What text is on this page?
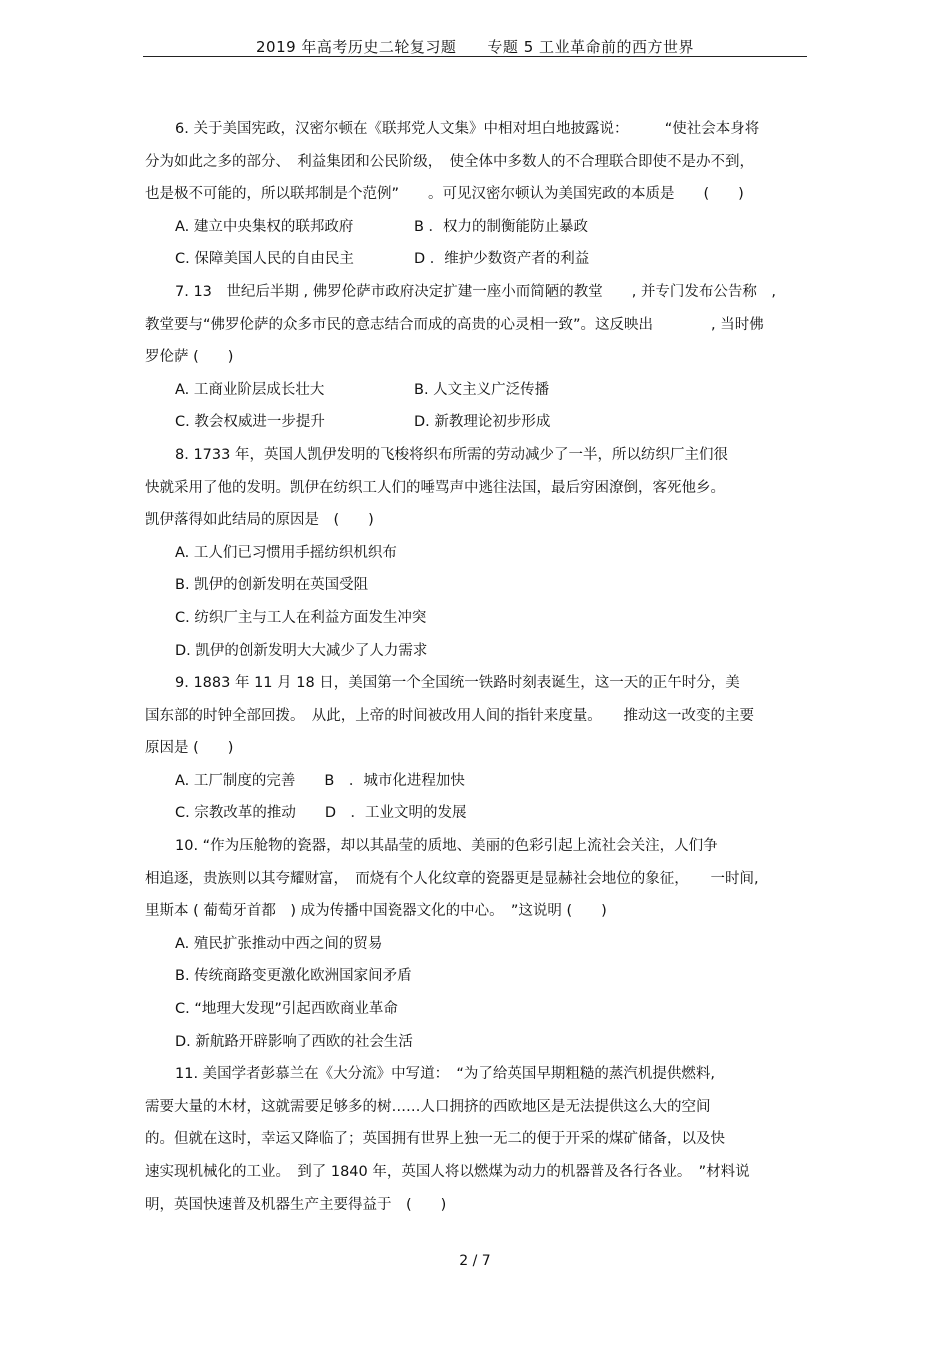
2019 年高考历史二轮复习题　　专题 5 工业革命前的西方世界
6. 关于美国宪政，汉密尔顿在《联邦党人文集》中相对坦白地披露说：　　　“使社会本身将
分为如此之多的部分、　利益集团和公民阶级，　使全体中多数人的不合理联合即使不是办不到，
也是极不可能的，所以联邦制是个范例”　　。可见汉密尔顿认为美国宪政的本质是　　(　　)
A. 建立中央集权的联邦政府	B ．权力的制衡能防止暴政
C. 保障美国人民的自由民主	D ．维护少数资产者的利益
7. 13　世纪后半期 , 佛罗伦萨市政府决定扩建一座小而简陋的教堂　　, 并专门发布公告称　,
教堂要与“佛罗伦萨的众多市民的意志结合而成的高贵的心灵相一致”。这反映出　　　　, 当时佛
罗伦萨 (　　)
A. 工商业阶层成长壮大	B. 人文主义广泛传播
C. 教会权威进一步提升	D. 新教理论初步形成
8. 1733 年，英国人凯伊发明的飞梭将织布所需的劳动减少了一半，所以纺织厂主们很
快就采用了他的发明。凯伊在纺织工人们的唾骂声中逃往法国，最后穷困潦倒，客死他乡。
凯伊落得如此结局的原因是　(　　)
A. 工人们已习惯用手摇纺织机织布
B. 凯伊的创新发明在英国受阻
C. 纺织厂主与工人在利益方面发生冲突
D. 凯伊的创新发明大大减少了人力需求
9. 1883 年 11 月 18 日，美国第一个全国统一铁路时刻表诞生，这一天的正午时分，美
国东部的时钟全部回拨。　从此，上帝的时间被改用人间的指针来度量。　　推动这一改变的主要
原因是 (　　)
A. 工厂制度的完善　　B　．城市化进程加快
C. 宗教改革的推动　　D　．工业文明的发展
10. “作为压舱物的瓷器，却以其晶莹的质地、美丽的色彩引起上流社会关注，人们争
相追逐，贵族则以其夸耀财富，　而烧有个人化纹章的瓷器更是显赫社会地位的象征，　　一时间,
里斯本 ( 葡萄牙首都　) 成为传播中国瓷器文化的中心。　”这说明 (　　)
A. 殖民扩张推动中西之间的贸易
B. 传统商路变更激化欧洲国家间矛盾
C. “地理大发现”引起西欧商业革命
D. 新航路开辟影响了西欧的社会生活
11. 美国学者彭慕兰在《大分流》中写道：　“为了给英国早期粗糙的蒸汽机提供燃料,
需要大量的木材，这就需要足够多的树……人口拥挤的西欧地区是无法提供这么大的空间
的。但就在这时，幸运又降临了；英国拥有世界上独一无二的便于开采的煤矿储备，以及快
速实现机械化的工业。　到了 1840 年，英国人将以燃煤为动力的机器普及各行各业。　”材料说
明，英国快速普及机器生产主要得益于　(　　)
2 / 7
